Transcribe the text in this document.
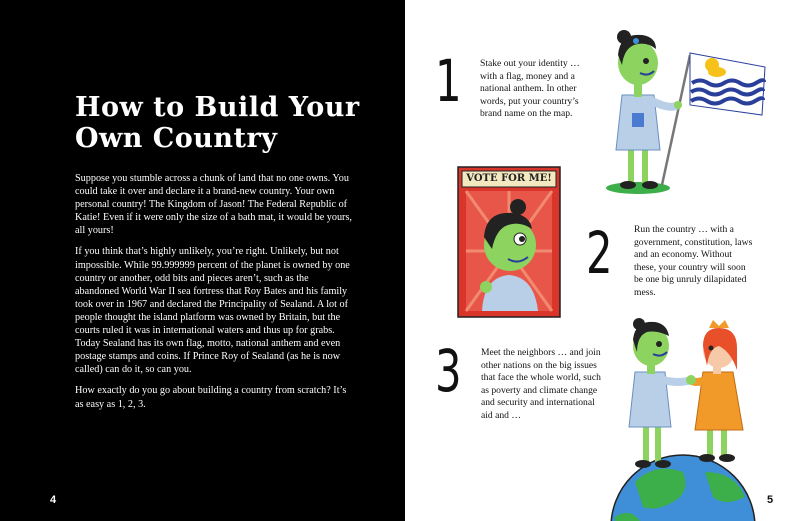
How to Build Your Own Country

Suppose you stumble across a chunk of land that no one owns. You could take it over and declare it a brand-new country. Your own personal country! The Kingdom of Jason! The Federal Republic of Katie! Even if it were only the size of a bath mat, it would be yours, all yours!

If you think that’s highly unlikely, you’re right. Unlikely, but not impossible. While 99.999999 percent of the planet is owned by one country or another, odd bits and pieces aren’t, such as the abandoned World War II sea fortress that Roy Bates and his family took over in 1967 and declared the Principality of Sealand. A lot of people thought the island platform was owned by Britain, but the courts ruled it was in international waters and thus up for grabs. Today Sealand has its own flag, motto, national anthem and even postage stamps and coins. If Prince Roy of Sealand (as he is now called) can do it, so can you.

How exactly do you go about building a country from scratch? It’s as easy as 1, 2, 3.

4
1 Stake out your identity … with a flag, money and a national anthem. In other words, put your country’s brand name on the map.
VOTE FOR ME!
2 Run the country … with a government, constitution, laws and an economy. Without these, your country will soon be one big unruly dilapidated mess.
3 Meet the neighbors … and join other nations on the big issues that face the whole world, such as poverty and climate change and security and international aid and …
5
